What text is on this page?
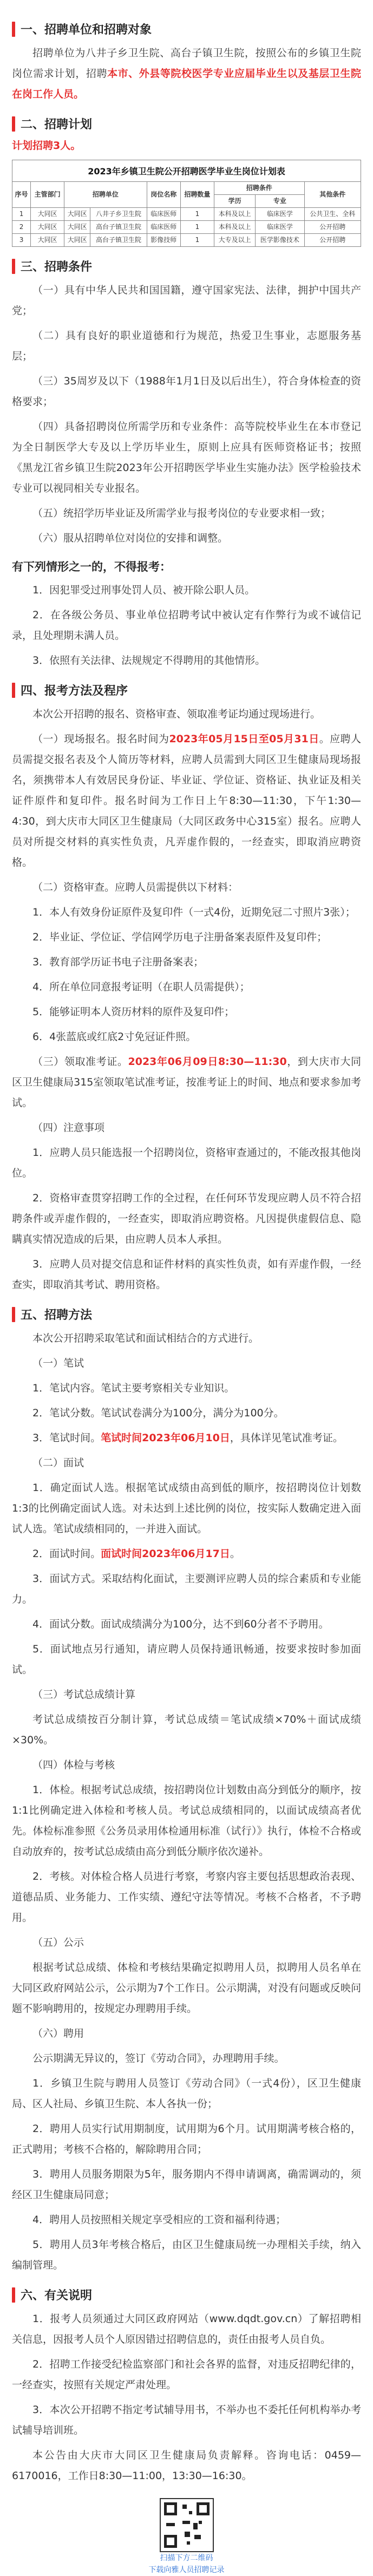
一、招聘单位和招聘对象

招聘单位为八井子乡卫生院、高台子镇卫生院，按照公布的乡镇卫生院岗位需求计划，招聘本市、外县等院校医学专业应届毕业生以及基层卫生院在岗工作人员。

二、招聘计划
计划招聘3人。
2023年乡镇卫生院公开招聘医学毕业生岗位计划表
序号	主管部门	招聘单位		岗位名称	招聘数量	招聘条件		其他条件
						学历	专业	
1	大同区	大同区	八井子乡卫生院	临床医师	1	本科及以上	临床医学	公共卫生、全科
2	大同区	大同区	高台子镇卫生院	临床医师	1	本科及以上	临床医学	公开招聘
3	大同区	大同区	高台子镇卫生院	影像技师	1	大专及以上	医学影像技术	公开招聘
三、招聘条件

（一）具有中华人民共和国国籍，遵守国家宪法、法律，拥护中国共产党；

（二）具有良好的职业道德和行为规范，热爱卫生事业，志愿服务基层；

（三）35周岁及以下（1988年1月1日及以后出生），符合身体检查的资格要求；

（四）具备招聘岗位所需学历和专业条件：高等院校毕业生在本市登记为全日制医学大专及以上学历毕业生，原则上应具有医师资格证书；按照《黑龙江省乡镇卫生院2023年公开招聘医学毕业生实施办法》医学检验技术专业可以视同相关专业报名。

（五）统招学历毕业证及所需学业与报考岗位的专业要求相一致；

（六）服从招聘单位对岗位的安排和调整。

有下列情形之一的，不得报考：

1．因犯罪受过刑事处罚人员、被开除公职人员。

2．在各级公务员、事业单位招聘考试中被认定有作弊行为或不诚信记录，且处理期未满人员。

3．依照有关法律、法规规定不得聘用的其他情形。

四、报考方法及程序

本次公开招聘的报名、资格审查、领取准考证均通过现场进行。

（一）现场报名。报名时间为2023年05月15日至05月31日。应聘人员需提交报名表及个人简历等材料，应聘人员需到大同区卫生健康局现场报名，须携带本人有效居民身份证、毕业证、学位证、资格证、执业证及相关证件原件和复印件。报名时间为工作日上午8:30—11:30，下午1:30—4:30，到大庆市大同区卫生健康局（大同区政务中心315室）报名。应聘人员对所提交材料的真实性负责，凡弄虚作假的，一经查实，即取消应聘资格。

（二）资格审查。应聘人员需提供以下材料：

1．本人有效身份证原件及复印件（一式4份，近期免冠二寸照片3张）；

2．毕业证、学位证、学信网学历电子注册备案表原件及复印件；

3．教育部学历证书电子注册备案表；

4．所在单位同意报考证明（在职人员需提供）；

5．能够证明本人资历材料的原件及复印件；

6．4张蓝底或红底2寸免冠证件照。

（三）领取准考证。2023年06月09日8:30—11:30，到大庆市大同区卫生健康局315室领取笔试准考证，按准考证上的时间、地点和要求参加考试。

（四）注意事项

1．应聘人员只能选报一个招聘岗位，资格审查通过的，不能改报其他岗位。

2．资格审查贯穿招聘工作的全过程，在任何环节发现应聘人员不符合招聘条件或弄虚作假的，一经查实，即取消应聘资格。凡因提供虚假信息、隐瞒真实情况造成的后果，由应聘人员本人承担。

3．应聘人员对提交信息和证件材料的真实性负责，如有弄虚作假，一经查实，即取消其考试、聘用资格。

五、招聘方法

本次公开招聘采取笔试和面试相结合的方式进行。

（一）笔试

1．笔试内容。笔试主要考察相关专业知识。

2．笔试分数。笔试试卷满分为100分，满分为100分。

3．笔试时间。笔试时间2023年06月10日，具体详见笔试准考证。

（二）面试

1．确定面试人选。根据笔试成绩由高到低的顺序，按招聘岗位计划数1:3的比例确定面试人选。对未达到上述比例的岗位，按实际人数确定进入面试人选。笔试成绩相同的，一并进入面试。

2．面试时间。面试时间2023年06月17日。

3．面试方式。采取结构化面试，主要测评应聘人员的综合素质和专业能力。

4．面试分数。面试成绩满分为100分，达不到60分者不予聘用。

5．面试地点另行通知，请应聘人员保持通讯畅通，按要求按时参加面试。

（三）考试总成绩计算

考试总成绩按百分制计算，考试总成绩＝笔试成绩×70%＋面试成绩×30%。

（四）体检与考核

1．体检。根据考试总成绩，按招聘岗位计划数由高分到低分的顺序，按1:1比例确定进入体检和考核人员。考试总成绩相同的，以面试成绩高者优先。体检标准参照《公务员录用体检通用标准（试行）》执行，体检不合格或自动放弃的，按考试总成绩由高分到低分顺序依次递补。

2．考核。对体检合格人员进行考察，考察内容主要包括思想政治表现、道德品质、业务能力、工作实绩、遵纪守法等情况。考核不合格者，不予聘用。

（五）公示

根据考试总成绩、体检和考核结果确定拟聘用人员，拟聘用人员名单在大同区政府网站公示，公示期为7个工作日。公示期满，对没有问题或反映问题不影响聘用的，按规定办理聘用手续。

（六）聘用

公示期满无异议的，签订《劳动合同》，办理聘用手续。

1．乡镇卫生院与聘用人员签订《劳动合同》（一式4份），区卫生健康局、区人社局、乡镇卫生院、本人各执一份；

2．聘用人员实行试用期制度，试用期为6个月。试用期满考核合格的，正式聘用；考核不合格的，解除聘用合同；

3．聘用人员服务期限为5年，服务期内不得申请调离，确需调动的，须经区卫生健康局同意；

4．聘用人员按照相关规定享受相应的工资和福利待遇；

5．聘用人员3年考核合格后，由区卫生健康局统一办理相关手续，纳入编制管理。

六、有关说明

1．报考人员须通过大同区政府网站（www.dqdt.gov.cn）了解招聘相关信息，因报考人员个人原因错过招聘信息的，责任由报考人员自负。

2．招聘工作接受纪检监察部门和社会各界的监督，对违反招聘纪律的，一经查实，按照有关规定严肃处理。

3．本次公开招聘不指定考试辅导用书，不举办也不委托任何机构举办考试辅导培训班。

本公告由大庆市大同区卫生健康局负责解释。咨询电话：0459—6170016，工作日8:30—11:00，13:30—16:30。

扫描下方二维码
下载向雅人员招聘记录
